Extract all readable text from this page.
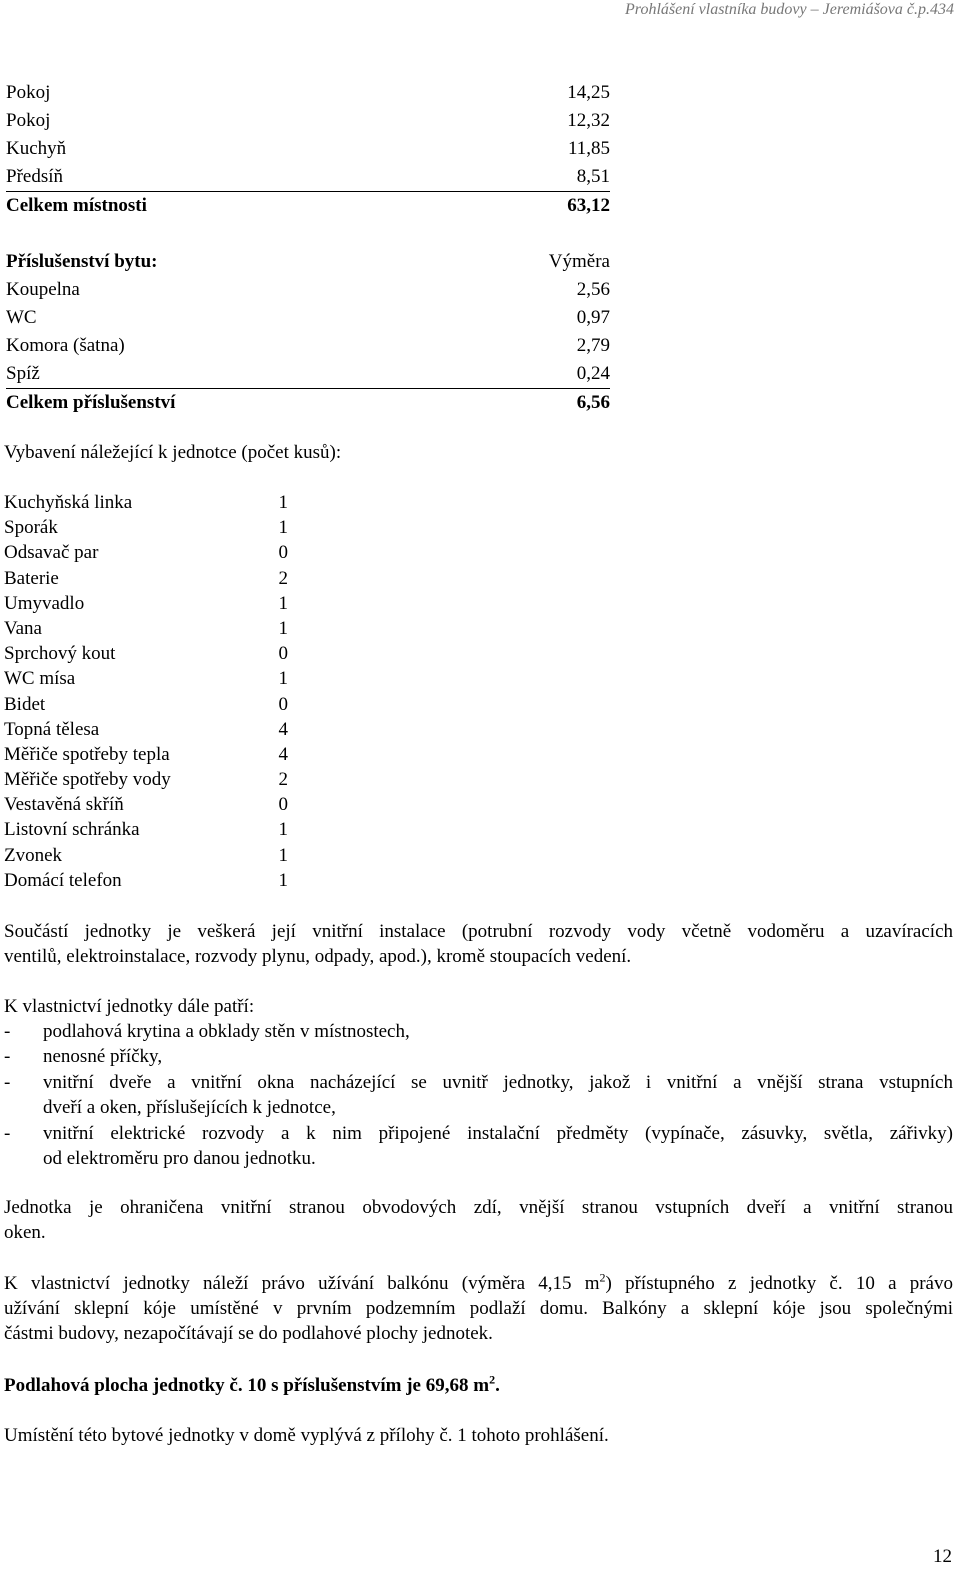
Prohlášení vlastníka budovy – Jeremiášova č.p.434
Pokoj	14,25
Pokoj	12,32
Kuchyň	11,85
Předsíň	8,51
Celkem místnosti	63,12
Příslušenství bytu:	Výměra
Koupelna	2,56
WC	0,97
Komora (šatna)	2,79
Spíž	0,24
Celkem příslušenství	6,56
Vybavení náležející k jednotce (počet kusů):
Kuchyňská linka	1
Sporák	1
Odsavač par	0
Baterie	2
Umyvadlo	1
Vana	1
Sprchový kout	0
WC mísa	1
Bidet	0
Topná tělesa	4
Měřiče spotřeby tepla	4
Měřiče spotřeby vody	2
Vestavěná skříň	0
Listovní schránka	1
Zvonek	1
Domácí telefon	1
Součástí jednotky je veškerá její vnitřní instalace (potrubní rozvody vody včetně vodoměru a uzavíracích
ventilů, elektroinstalace, rozvody plynu, odpady, apod.), kromě stoupacích vedení.
K vlastnictví jednotky dále patří:
-	podlahová krytina a obklady stěn v místnostech,
-	nenosné příčky,
-	vnitřní dveře a vnitřní okna nacházející se uvnitř jednotky, jakož i vnitřní a vnější strana vstupních
dveří a oken, příslušejících k jednotce,
-	vnitřní elektrické rozvody a k nim připojené instalační předměty (vypínače, zásuvky, světla, zářivky)
od elektroměru pro danou jednotku.
Jednotka je ohraničena vnitřní stranou obvodových zdí, vnější stranou vstupních dveří a vnitřní stranou
oken.
K vlastnictví jednotky náleží právo užívání balkónu (výměra 4,15 $m^2$) přístupného z jednotky č. 10 a právo
užívání sklepní kóje umístěné v prvním podzemním podlaží domu. Balkóny a sklepní kóje jsou společnými
částmi budovy, nezapočítávají se do podlahové plochy jednotek.
Podlahová plocha jednotky č. 10 s příslušenstvím je 69,68 $m^2$.
Umístění této bytové jednotky v domě vyplývá z přílohy č. 1 tohoto prohlášení.
12
